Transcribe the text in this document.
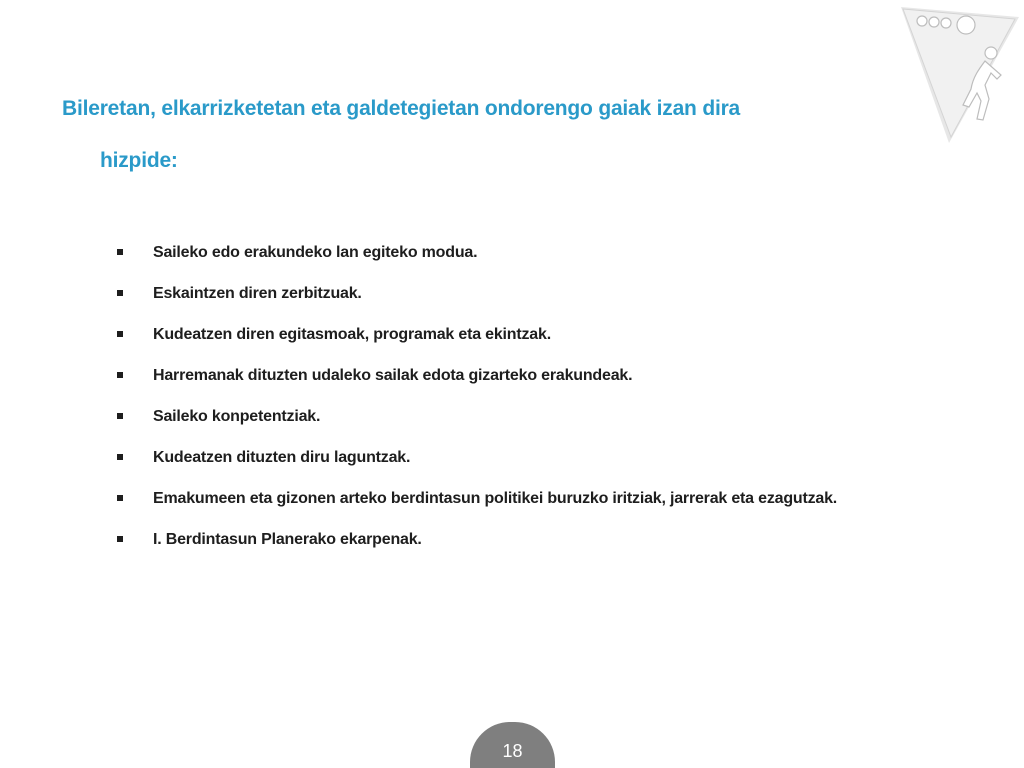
Bileretan, elkarrizketetan eta galdetegietan ondorengo gaiak izan dira
hizpide:
Saileko edo erakundeko lan egiteko modua.
Eskaintzen diren zerbitzuak.
Kudeatzen diren egitasmoak, programak eta ekintzak.
Harremanak dituzten udaleko sailak edota gizarteko erakundeak.
Saileko konpetentziak.
Kudeatzen dituzten diru laguntzak.
Emakumeen eta gizonen arteko berdintasun politikei buruzko iritziak, jarrerak eta ezagutzak.
I. Berdintasun Planerako ekarpenak.
18
